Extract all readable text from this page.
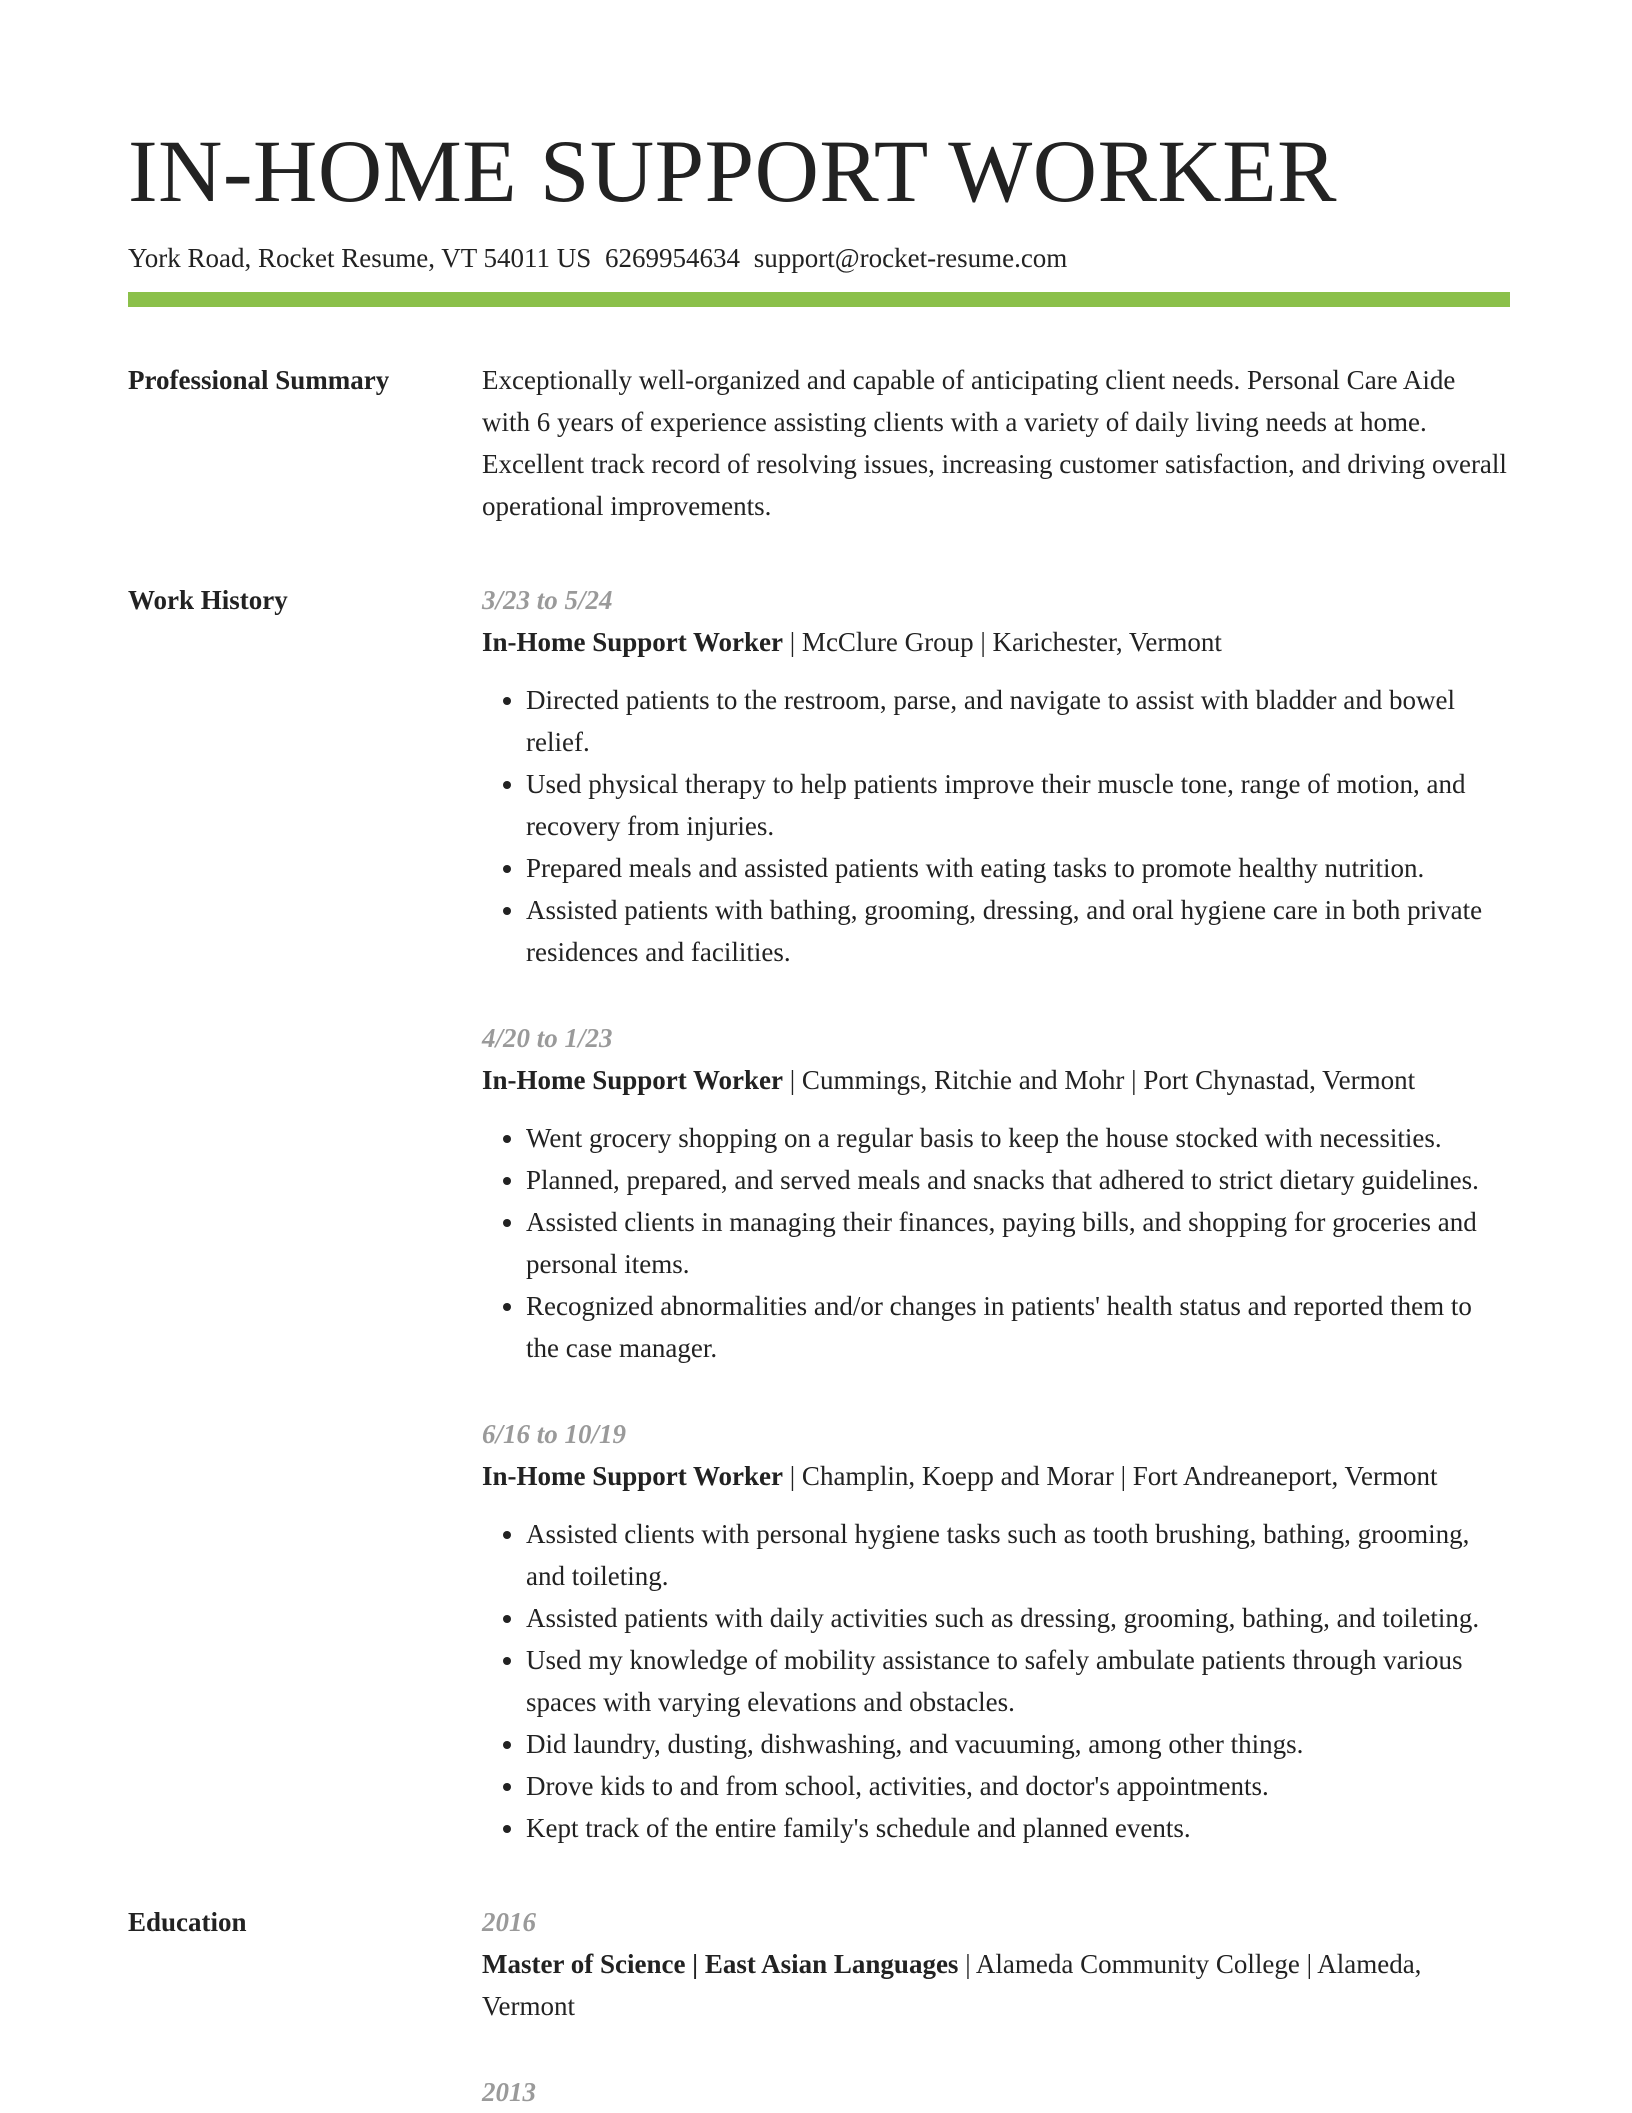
IN-HOME SUPPORT WORKER
York Road, Rocket Resume, VT 54011 US 6269954634 support@rocket-resume.com
Professional Summary	Exceptionally well-organized and capable of anticipating client needs. Personal Care Aide with 6 years of experience assisting clients with a variety of daily living needs at home. Excellent track record of resolving issues, increasing customer satisfaction, and driving overall operational improvements.

Work History	3/23 to 5/24
In-Home Support Worker | McClure Group | Karichester, Vermont
• Directed patients to the restroom, parse, and navigate to assist with bladder and bowel relief.
• Used physical therapy to help patients improve their muscle tone, range of motion, and recovery from injuries.
• Prepared meals and assisted patients with eating tasks to promote healthy nutrition.
• Assisted patients with bathing, grooming, dressing, and oral hygiene care in both private residences and facilities.
4/20 to 1/23
In-Home Support Worker | Cummings, Ritchie and Mohr | Port Chynastad, Vermont
• Went grocery shopping on a regular basis to keep the house stocked with necessities.
• Planned, prepared, and served meals and snacks that adhered to strict dietary guidelines.
• Assisted clients in managing their finances, paying bills, and shopping for groceries and personal items.
• Recognized abnormalities and/or changes in patients' health status and reported them to the case manager.
6/16 to 10/19
In-Home Support Worker | Champlin, Koepp and Morar | Fort Andreaneport, Vermont
• Assisted clients with personal hygiene tasks such as tooth brushing, bathing, grooming, and toileting.
• Assisted patients with daily activities such as dressing, grooming, bathing, and toileting.
• Used my knowledge of mobility assistance to safely ambulate patients through various spaces with varying elevations and obstacles.
• Did laundry, dusting, dishwashing, and vacuuming, among other things.
• Drove kids to and from school, activities, and doctor's appointments.
• Kept track of the entire family's schedule and planned events.
Education	2016
Master of Science | East Asian Languages | Alameda Community College | Alameda, Vermont
2013
